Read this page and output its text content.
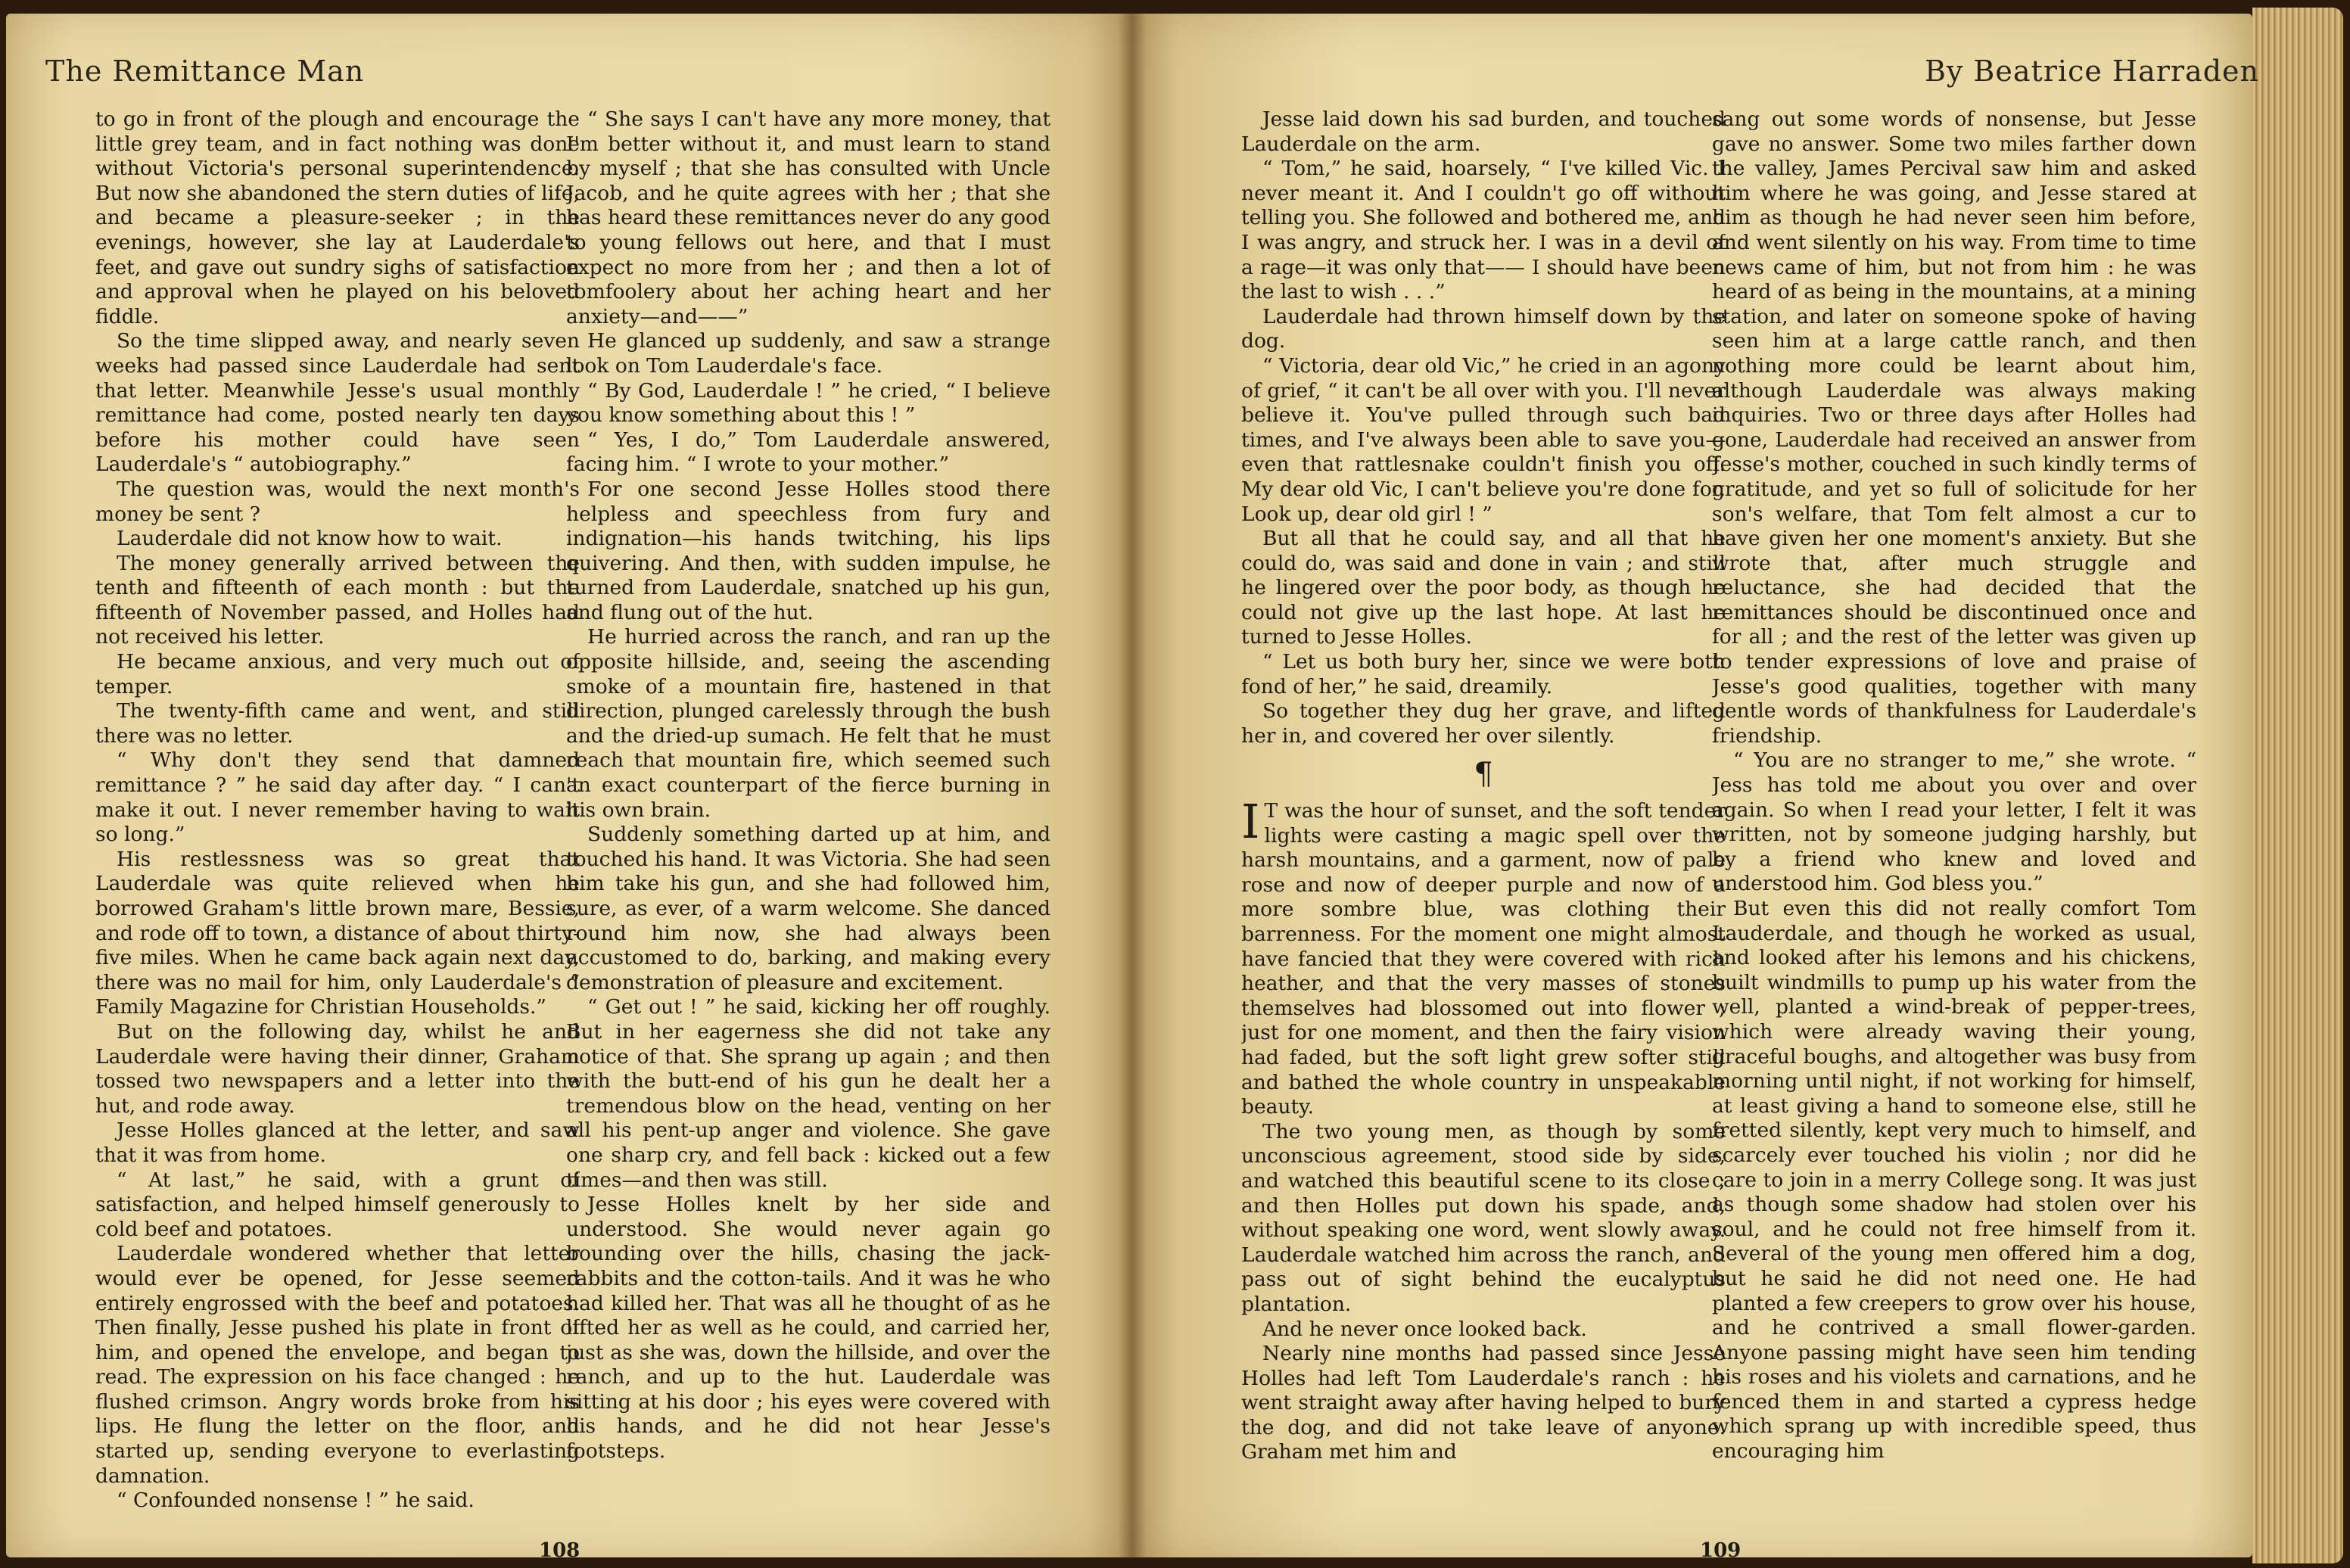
The Remittance Man	By Beatrice Harraden

to go in front of the plough and encourage the little grey team, and in fact nothing was done without Victoria's personal superintendence. But now she abandoned the stern duties of life, and became a pleasure-seeker ; in the evenings, however, she lay at Lauderdale's feet, and gave out sundry sighs of satisfaction and approval when he played on his beloved fiddle.

So the time slipped away, and nearly seven weeks had passed since Lauderdale had sent that letter. Meanwhile Jesse's usual monthly remittance had come, posted nearly ten days before his mother could have seen Lauderdale's “ autobiography.”

The question was, would the next month's money be sent ?

Lauderdale did not know how to wait.

The money generally arrived between the tenth and fifteenth of each month : but the fifteenth of November passed, and Holles had not received his letter.

He became anxious, and very much out of temper.

The twenty-fifth came and went, and still there was no letter.

“ Why don't they send that damned remittance ? ” he said day after day. “ I can't make it out. I never remember having to wait so long.”

His restlessness was so great that Lauderdale was quite relieved when he borrowed Graham's little brown mare, Bessie, and rode off to town, a distance of about thirty-five miles. When he came back again next day, there was no mail for him, only Lauderdale's “ Family Magazine for Christian Households.”

But on the following day, whilst he and Lauderdale were having their dinner, Graham tossed two newspapers and a letter into the hut, and rode away.

Jesse Holles glanced at the letter, and saw that it was from home.

“ At last,” he said, with a grunt of satisfaction, and helped himself generously to cold beef and potatoes.

Lauderdale wondered whether that letter would ever be opened, for Jesse seemed entirely engrossed with the beef and potatoes. Then finally, Jesse pushed his plate in front of him, and opened the envelope, and began to read. The expression on his face changed : he flushed crimson. Angry words broke from his lips. He flung the letter on the floor, and started up, sending everyone to everlasting damnation.

“ Confounded nonsense ! ” he said.

“ She says I can't have any more money, that I'm better without it, and must learn to stand by myself ; that she has consulted with Uncle Jacob, and he quite agrees with her ; that she has heard these remittances never do any good to young fellows out here, and that I must expect no more from her ; and then a lot of tomfoolery about her aching heart and her anxiety—and——”

He glanced up suddenly, and saw a strange look on Tom Lauderdale's face.

“ By God, Lauderdale ! ” he cried, “ I believe you know something about this ! ”

“ Yes, I do,” Tom Lauderdale answered, facing him. “ I wrote to your mother.”

For one second Jesse Holles stood there helpless and speechless from fury and indignation—his hands twitching, his lips quivering. And then, with sudden impulse, he turned from Lauderdale, snatched up his gun, and flung out of the hut.

He hurried across the ranch, and ran up the opposite hillside, and, seeing the ascending smoke of a mountain fire, hastened in that direction, plunged carelessly through the bush and the dried-up sumach. He felt that he must reach that mountain fire, which seemed such an exact counterpart of the fierce burning in his own brain.

Suddenly something darted up at him, and touched his hand. It was Victoria. She had seen him take his gun, and she had followed him, sure, as ever, of a warm welcome. She danced round him now, she had always been accustomed to do, barking, and making every demonstration of pleasure and excitement.

“ Get out ! ” he said, kicking her off roughly. But in her eagerness she did not take any notice of that. She sprang up again ; and then with the butt-end of his gun he dealt her a tremendous blow on the head, venting on her all his pent-up anger and violence. She gave one sharp cry, and fell back : kicked out a few times—and then was still.

Jesse Holles knelt by her side and understood. She would never again go bounding over the hills, chasing the jack-rabbits and the cotton-tails. And it was he who had killed her. That was all he thought of as he lifted her as well as he could, and carried her, just as she was, down the hillside, and over the ranch, and up to the hut. Lauderdale was sitting at his door ; his eyes were covered with his hands, and he did not hear Jesse's footsteps.

Jesse laid down his sad burden, and touched Lauderdale on the arm.

“ Tom,” he said, hoarsely, “ I've killed Vic. I never meant it. And I couldn't go off without telling you. She followed and bothered me, and I was angry, and struck her. I was in a devil of a rage—it was only that—— I should have been the last to wish . . .”

Lauderdale had thrown himself down by the dog.

“ Victoria, dear old Vic,” he cried in an agony of grief, “ it can't be all over with you. I'll never believe it. You've pulled through such bad times, and I've always been able to save you—even that rattlesnake couldn't finish you off. My dear old Vic, I can't believe you're done for. Look up, dear old girl ! ”

But all that he could say, and all that he could do, was said and done in vain ; and still he lingered over the poor body, as though he could not give up the last hope. At last he turned to Jesse Holles.

“ Let us both bury her, since we were both fond of her,” he said, dreamily.

So together they dug her grave, and lifted her in, and covered her over silently.

¶

I T was the hour of sunset, and the soft tender lights were casting a magic spell over the harsh mountains, and a garment, now of pale rose and now of deeper purple and now of a more sombre blue, was clothing their barrenness. For the moment one might almost have fancied that they were covered with rich heather, and that the very masses of stones themselves had blossomed out into flower ; just for one moment, and then the fairy vision had faded, but the soft light grew softer still and bathed the whole country in unspeakable beauty.

The two young men, as though by some unconscious agreement, stood side by side, and watched this beautiful scene to its close ; and then Holles put down his spade, and, without speaking one word, went slowly away. Lauderdale watched him across the ranch, and pass out of sight behind the eucalyptus plantation.

And he never once looked back.

Nearly nine months had passed since Jesse Holles had left Tom Lauderdale's ranch : he went straight away after having helped to bury the dog, and did not take leave of anyone. Graham met him and

sang out some words of nonsense, but Jesse gave no answer. Some two miles farther down the valley, James Percival saw him and asked him where he was going, and Jesse stared at him as though he had never seen him before, and went silently on his way. From time to time news came of him, but not from him : he was heard of as being in the mountains, at a mining station, and later on someone spoke of having seen him at a large cattle ranch, and then nothing more could be learnt about him, although Lauderdale was always making inquiries. Two or three days after Holles had gone, Lauderdale had received an answer from Jesse's mother, couched in such kindly terms of gratitude, and yet so full of solicitude for her son's welfare, that Tom felt almost a cur to have given her one moment's anxiety. But she wrote that, after much struggle and reluctance, she had decided that the remittances should be discontinued once and for all ; and the rest of the letter was given up to tender expressions of love and praise of Jesse's good qualities, together with many gentle words of thankfulness for Lauderdale's friendship.

“ You are no stranger to me,” she wrote. “ Jess has told me about you over and over again. So when I read your letter, I felt it was written, not by someone judging harshly, but by a friend who knew and loved and understood him. God bless you.”

But even this did not really comfort Tom Lauderdale, and though he worked as usual, and looked after his lemons and his chickens, built windmills to pump up his water from the well, planted a wind-break of pepper-trees, which were already waving their young, graceful boughs, and altogether was busy from morning until night, if not working for himself, at least giving a hand to someone else, still he fretted silently, kept very much to himself, and scarcely ever touched his violin ; nor did he care to join in a merry College song. It was just as though some shadow had stolen over his soul, and he could not free himself from it. Several of the young men offered him a dog, but he said he did not need one. He had planted a few creepers to grow over his house, and he contrived a small flower-garden. Anyone passing might have seen him tending his roses and his violets and carnations, and he fenced them in and started a cypress hedge which sprang up with incredible speed, thus encouraging him

108	109
